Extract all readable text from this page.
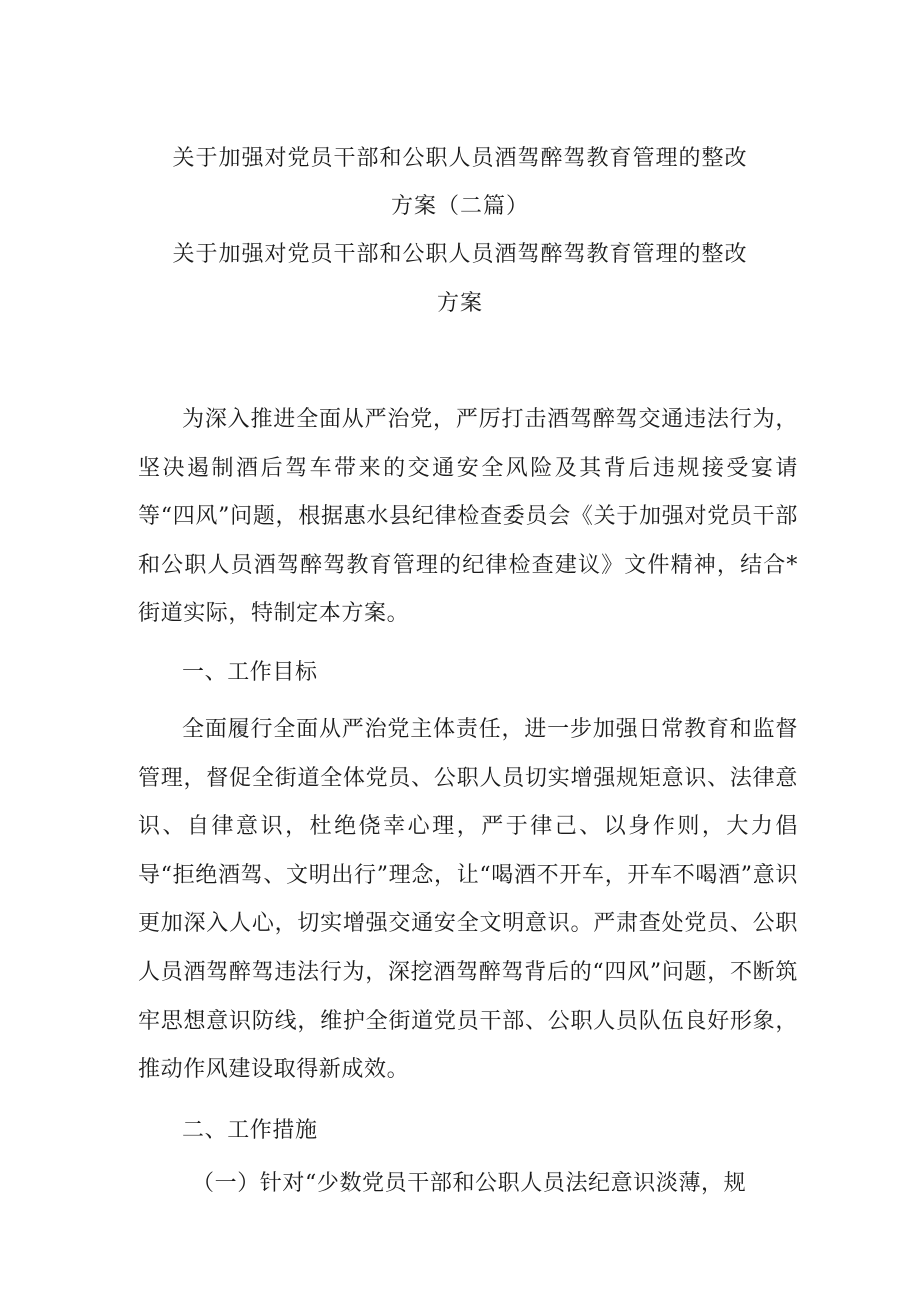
关于加强对党员干部和公职人员酒驾醉驾教育管理的整改
方案（二篇）
关于加强对党员干部和公职人员酒驾醉驾教育管理的整改
方案
为深入推进全面从严治党，严厉打击酒驾醉驾交通违法行为，坚决遏制酒后驾车带来的交通安全风险及其背后违规接受宴请等“四风”问题，根据惠水县纪律检查委员会《关于加强对党员干部和公职人员酒驾醉驾教育管理的纪律检查建议》文件精神，结合*街道实际，特制定本方案。
一、工作目标
全面履行全面从严治党主体责任，进一步加强日常教育和监督管理，督促全街道全体党员、公职人员切实增强规矩意识、法律意识、自律意识，杜绝侥幸心理，严于律己、以身作则，大力倡导“拒绝酒驾、文明出行”理念，让“喝酒不开车，开车不喝酒”意识更加深入人心，切实增强交通安全文明意识。严肃查处党员、公职人员酒驾醉驾违法行为，深挖酒驾醉驾背后的“四风”问题，不断筑牢思想意识防线，维护全街道党员干部、公职人员队伍良好形象，推动作风建设取得新成效。
二、工作措施
（一）针对“少数党员干部和公职人员法纪意识淡薄，规
